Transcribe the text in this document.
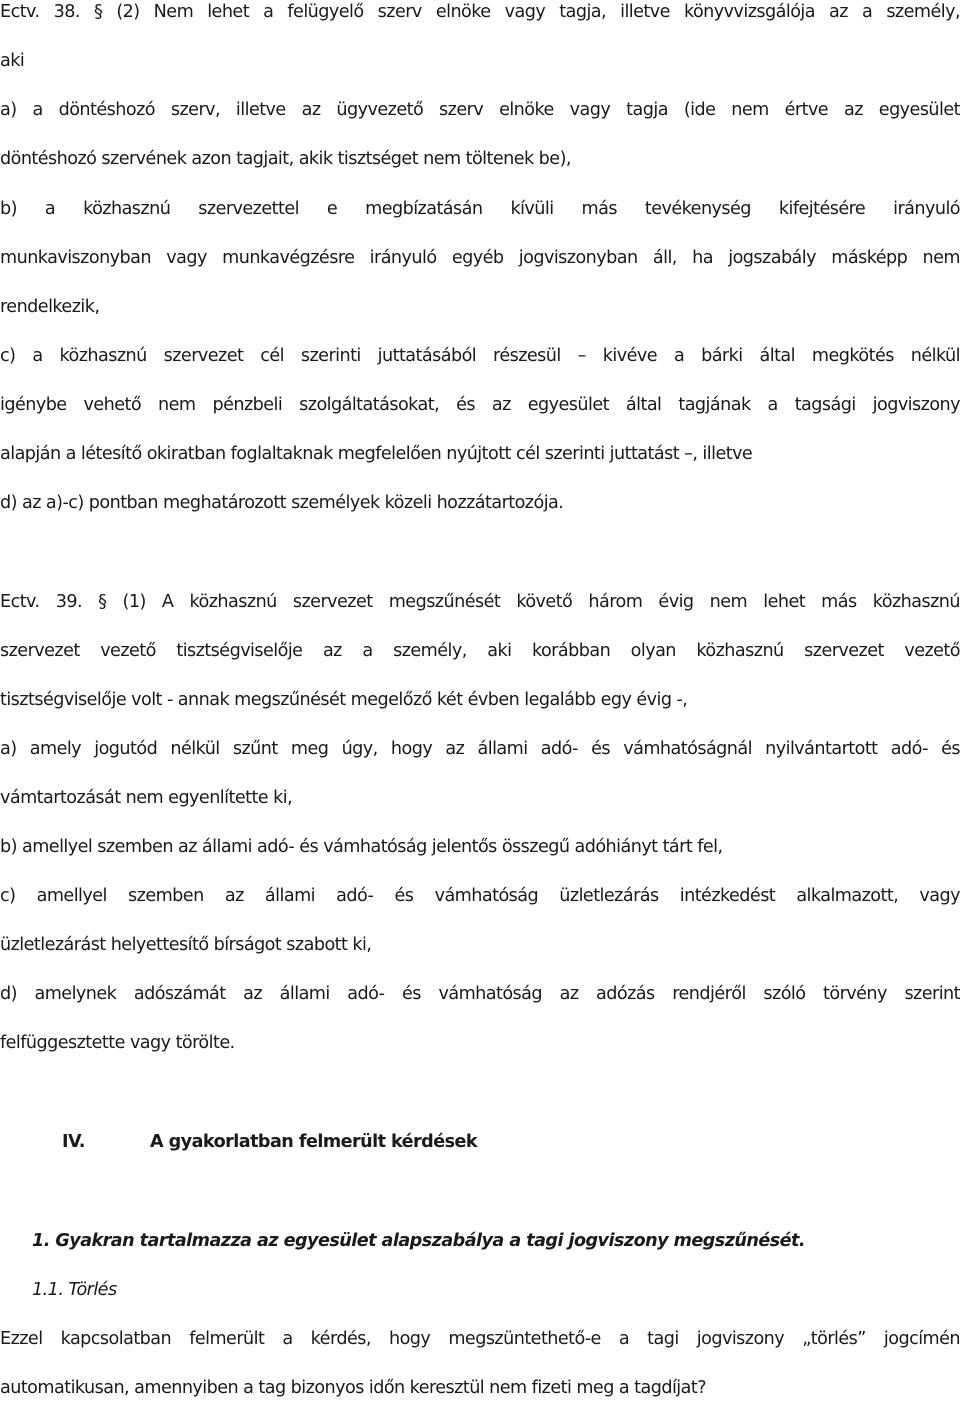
Ectv. 38. § (2) Nem lehet a felügyelő szerv elnöke vagy tagja, illetve könyvvizsgálója az a személy,
aki
a) a döntéshozó szerv, illetve az ügyvezető szerv elnöke vagy tagja (ide nem értve az egyesület
döntéshozó szervének azon tagjait, akik tisztséget nem töltenek be),
b) a közhasznú szervezettel e megbízatásán kívüli más tevékenység kifejtésére irányuló
munkaviszonyban vagy munkavégzésre irányuló egyéb jogviszonyban áll, ha jogszabály másképp nem
rendelkezik,
c) a közhasznú szervezet cél szerinti juttatásából részesül – kivéve a bárki által megkötés nélkül
igénybe vehető nem pénzbeli szolgáltatásokat, és az egyesület által tagjának a tagsági jogviszony
alapján a létesítő okiratban foglaltaknak megfelelően nyújtott cél szerinti juttatást –, illetve
d) az a)-c) pontban meghatározott személyek közeli hozzátartozója.
Ectv. 39. § (1) A közhasznú szervezet megszűnését követő három évig nem lehet más közhasznú
szervezet vezető tisztségviselője az a személy, aki korábban olyan közhasznú szervezet vezető
tisztségviselője volt - annak megszűnését megelőző két évben legalább egy évig -,
a) amely jogutód nélkül szűnt meg úgy, hogy az állami adó- és vámhatóságnál nyilvántartott adó- és
vámtartozását nem egyenlítette ki,
b) amellyel szemben az állami adó- és vámhatóság jelentős összegű adóhiányt tárt fel,
c) amellyel szemben az állami adó- és vámhatóság üzletlezárás intézkedést alkalmazott, vagy
üzletlezárást helyettesítő bírságot szabott ki,
d) amelynek adószámát az állami adó- és vámhatóság az adózás rendjéről szóló törvény szerint
felfüggesztette vagy törölte.
IV.	A gyakorlatban felmerült kérdések
1. Gyakran tartalmazza az egyesület alapszabálya a tagi jogviszony megszűnését.
1.1. Törlés
Ezzel kapcsolatban felmerült a kérdés, hogy megszüntethető-e a tagi jogviszony „törlés” jogcímén
automatikusan, amennyiben a tag bizonyos időn keresztül nem fizeti meg a tagdíjat?
